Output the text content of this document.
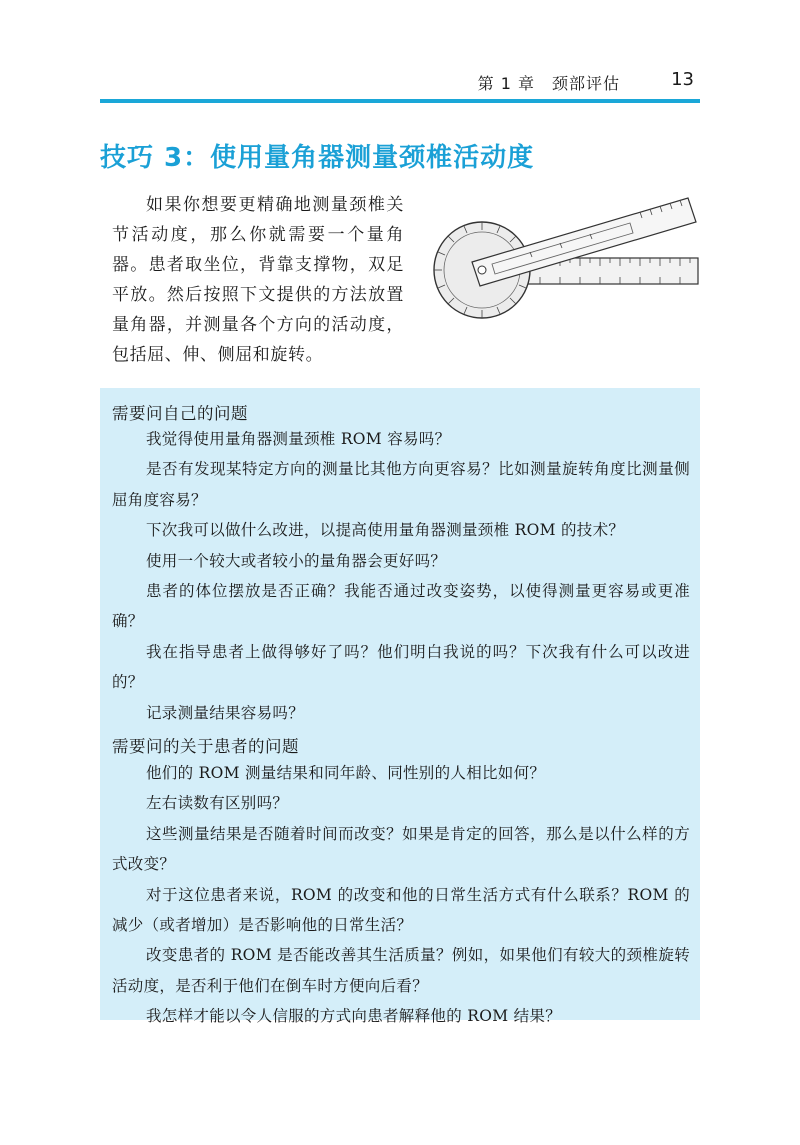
第 1 章　颈部评估	13
技巧 3：使用量角器测量颈椎活动度

如果你想要更精确地测量颈椎关节活动度，那么你就需要一个量角器。患者取坐位，背靠支撑物，双足平放。然后按照下文提供的方法放置量角器，并测量各个方向的活动度，包括屈、伸、侧屈和旋转。

需要问自己的问题
我觉得使用量角器测量颈椎 ROM 容易吗？
是否有发现某特定方向的测量比其他方向更容易？比如测量旋转角度比测量侧屈角度容易？
下次我可以做什么改进，以提高使用量角器测量颈椎 ROM 的技术？
使用一个较大或者较小的量角器会更好吗？
患者的体位摆放是否正确？我能否通过改变姿势，以使得测量更容易或更准确？
我在指导患者上做得够好了吗？他们明白我说的吗？下次我有什么可以改进的？
记录测量结果容易吗？
需要问的关于患者的问题
他们的 ROM 测量结果和同年龄、同性别的人相比如何？
左右读数有区别吗？
这些测量结果是否随着时间而改变？如果是肯定的回答，那么是以什么样的方式改变？
对于这位患者来说，ROM 的改变和他的日常生活方式有什么联系？ROM 的减少（或者增加）是否影响他的日常生活？
改变患者的 ROM 是否能改善其生活质量？例如，如果他们有较大的颈椎旋转活动度，是否利于他们在倒车时方便向后看？
我怎样才能以令人信服的方式向患者解释他的 ROM 结果？
